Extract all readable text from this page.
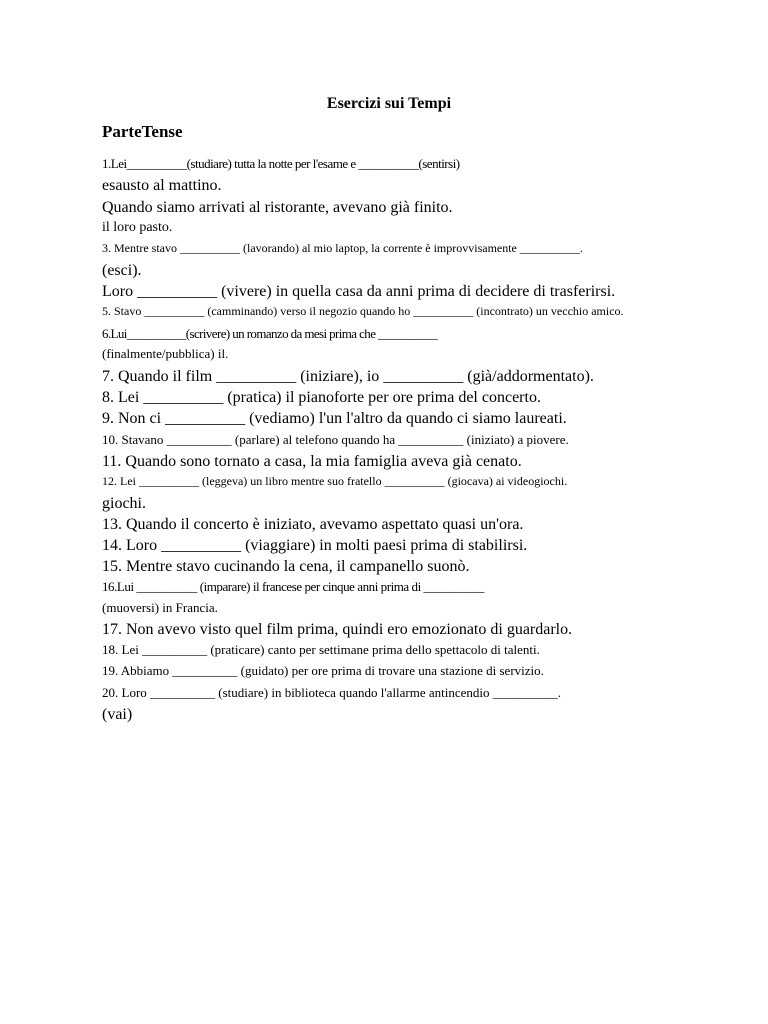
Esercizi sui Tempi
ParteTense
1.Lei__________(studiare) tutta la notte per l'esame e __________(sentirsi)
esausto al mattino.
Quando siamo arrivati al ristorante, avevano già finito.
il loro pasto.
3. Mentre stavo __________ (lavorando) al mio laptop, la corrente è improvvisamente __________.
(esci).
Loro __________ (vivere) in quella casa da anni prima di decidere di trasferirsi.
5. Stavo __________ (camminando) verso il negozio quando ho __________ (incontrato) un vecchio amico.
6.Lui__________(scrivere) un romanzo da mesi prima che __________
(finalmente/pubblica) il.
7. Quando il film __________ (iniziare), io __________ (già/addormentato).
8. Lei __________ (pratica) il pianoforte per ore prima del concerto.
9. Non ci __________ (vediamo) l'un l'altro da quando ci siamo laureati.
10. Stavano __________ (parlare) al telefono quando ha __________ (iniziato) a piovere.
11. Quando sono tornato a casa, la mia famiglia aveva già cenato.
12. Lei __________ (leggeva) un libro mentre suo fratello __________ (giocava) ai videogiochi.
giochi.
13. Quando il concerto è iniziato, avevamo aspettato quasi un'ora.
14. Loro __________ (viaggiare) in molti paesi prima di stabilirsi.
15. Mentre stavo cucinando la cena, il campanello suonò.
16.Lui __________ (imparare) il francese per cinque anni prima di __________
(muoversi) in Francia.
17. Non avevo visto quel film prima, quindi ero emozionato di guardarlo.
18. Lei __________ (praticare) canto per settimane prima dello spettacolo di talenti.
19. Abbiamo __________ (guidato) per ore prima di trovare una stazione di servizio.
20. Loro __________ (studiare) in biblioteca quando l'allarme antincendio __________.
(vai)
